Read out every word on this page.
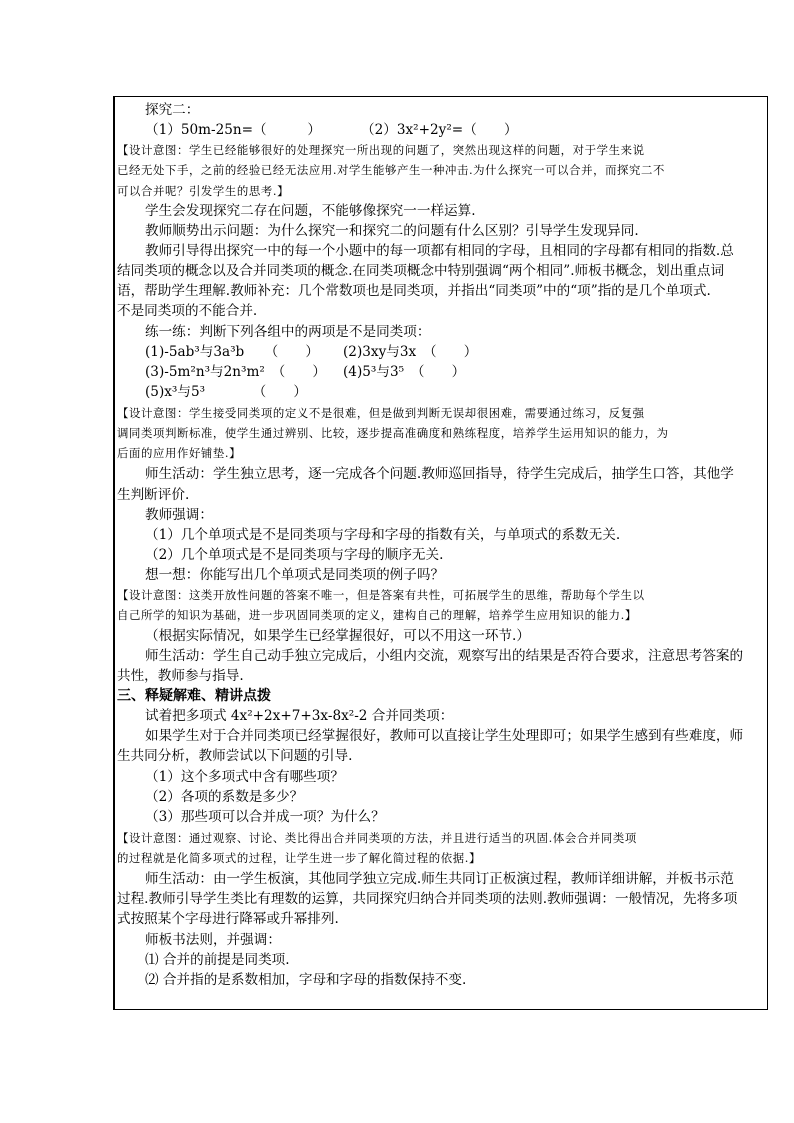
探究二：
（1）50m-25n=（　　　）	（2）3x²+2y²=（　　）
【设计意图：学生已经能够很好的处理探究一所出现的问题了，突然出现这样的问题，对于学生来说
已经无处下手，之前的经验已经无法应用.对学生能够产生一种冲击.为什么探究一可以合并，而探究二不
可以合并呢？引发学生的思考.】
学生会发现探究二存在问题，不能够像探究一一样运算.
教师顺势出示问题：为什么探究一和探究二的问题有什么区别？引导学生发现异同.
教师引导得出探究一中的每一个小题中的每一项都有相同的字母，且相同的字母都有相同的指数.总
结同类项的概念以及合并同类项的概念.在同类项概念中特别强调“两个相同”.师板书概念，划出重点词
语，帮助学生理解.教师补充：几个常数项也是同类项，并指出“同类项”中的“项”指的是几个单项式.
不是同类项的不能合并.
练一练：判断下列各组中的两项是不是同类项：
(1)-5ab³与3a³b　　（　　） (2)3xy与3x　（　　）
(3)-5m²n³与2n³m²　（　　） (4)5³与3⁵　（　　）
(5)x³与5³　　　　（　　）
【设计意图：学生接受同类项的定义不是很难，但是做到判断无误却很困难，需要通过练习，反复强
调同类项判断标准，使学生通过辨别、比较，逐步提高准确度和熟练程度，培养学生运用知识的能力，为
后面的应用作好铺垫.】
师生活动：学生独立思考，逐一完成各个问题.教师巡回指导，待学生完成后，抽学生口答，其他学
生判断评价.
教师强调：
（1）几个单项式是不是同类项与字母和字母的指数有关，与单项式的系数无关.
（2）几个单项式是不是同类项与字母的顺序无关.
想一想：你能写出几个单项式是同类项的例子吗？
【设计意图：这类开放性问题的答案不唯一，但是答案有共性，可拓展学生的思维，帮助每个学生以
自己所学的知识为基础，进一步巩固同类项的定义，建构自己的理解，培养学生应用知识的能力.】
（根据实际情况，如果学生已经掌握很好，可以不用这一环节.）
师生活动：学生自己动手独立完成后，小组内交流，观察写出的结果是否符合要求，注意思考答案的
共性，教师参与指导.
三、释疑解难、精讲点拨
试着把多项式 4x²+2x+7+3x-8x²-2 合并同类项：
如果学生对于合并同类项已经掌握很好，教师可以直接让学生处理即可；如果学生感到有些难度，师
生共同分析，教师尝试以下问题的引导.
（1）这个多项式中含有哪些项？
（2）各项的系数是多少？
（3）那些项可以合并成一项？为什么？
【设计意图：通过观察、讨论、类比得出合并同类项的方法，并且进行适当的巩固.体会合并同类项
的过程就是化简多项式的过程，让学生进一步了解化简过程的依据.】
师生活动：由一学生板演，其他同学独立完成.师生共同订正板演过程，教师详细讲解，并板书示范
过程.教师引导学生类比有理数的运算，共同探究归纳合并同类项的法则.教师强调：一般情况，先将多项
式按照某个字母进行降幂或升幂排列.
师板书法则，并强调：
⑴ 合并的前提是同类项.
⑵ 合并指的是系数相加，字母和字母的指数保持不变.
